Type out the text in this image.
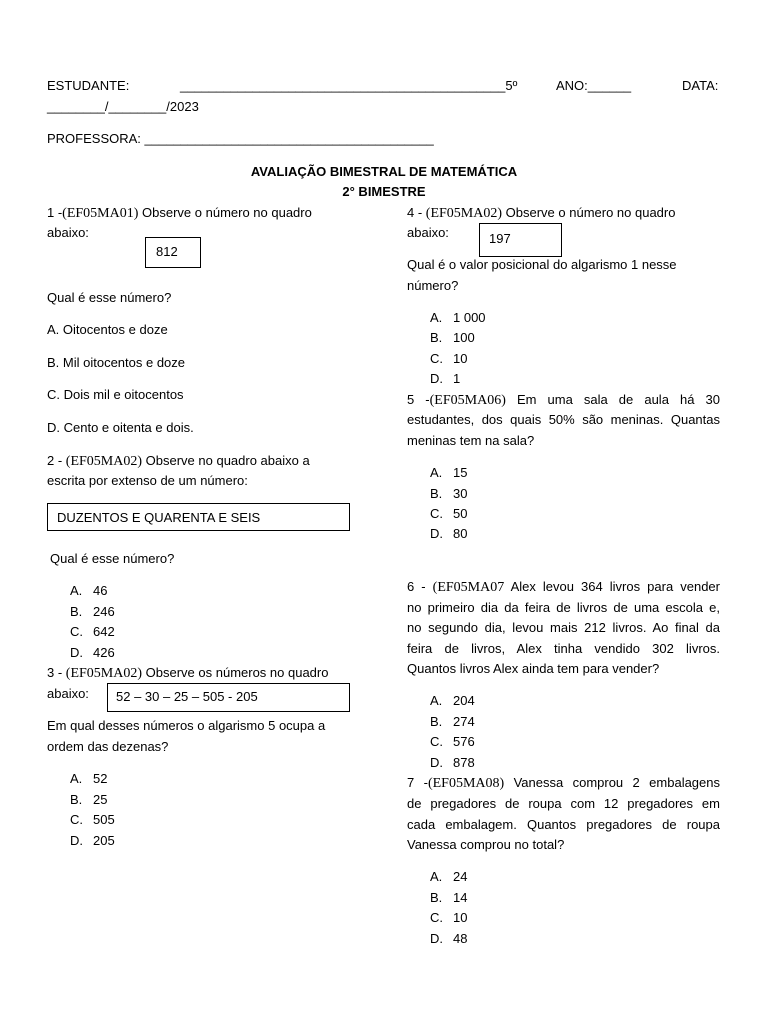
ESTUDANTE:	_____________________________________________5º	ANO:______	DATA:
________/________/2023
PROFESSORA: ________________________________________
AVALIAÇÃO BIMESTRAL DE MATEMÁTICA
2° BIMESTRE
1 -(EF05MA01) Observe o número no quadro
abaixo:
812
Qual é esse número?
A. Oitocentos e doze
B. Mil oitocentos e doze
C. Dois mil e oitocentos
D. Cento e oitenta e dois.
2 - (EF05MA02) Observe no quadro abaixo a
escrita por extenso de um número:
DUZENTOS E QUARENTA E SEIS
Qual é esse número?
A. 46
B. 246
C. 642
D. 426
3 - (EF05MA02) Observe os números no quadro
abaixo: 52 – 30 – 25 – 505 - 205
Em qual desses números o algarismo 5 ocupa a
ordem das dezenas?
A. 52
B. 25
C. 505
D. 205
4 - (EF05MA02) Observe o número no quadro
abaixo:	197
Qual é o valor posicional do algarismo 1 nesse
número?
A. 1 000
B. 100
C. 10
D. 1
5 -(EF05MA06) Em uma sala de aula há 30
estudantes, dos quais 50% são meninas. Quantas
meninas tem na sala?
A. 15
B. 30
C. 50
D. 80
6 - (EF05MA07 Alex levou 364 livros para vender
no primeiro dia da feira de livros de uma escola e,
no segundo dia, levou mais 212 livros. Ao final da
feira de livros, Alex tinha vendido 302 livros.
Quantos livros Alex ainda tem para vender?
A. 204
B. 274
C. 576
D. 878
7 -(EF05MA08) Vanessa comprou 2 embalagens
de pregadores de roupa com 12 pregadores em
cada embalagem. Quantos pregadores de roupa
Vanessa comprou no total?
A. 24
B. 14
C. 10
D. 48
